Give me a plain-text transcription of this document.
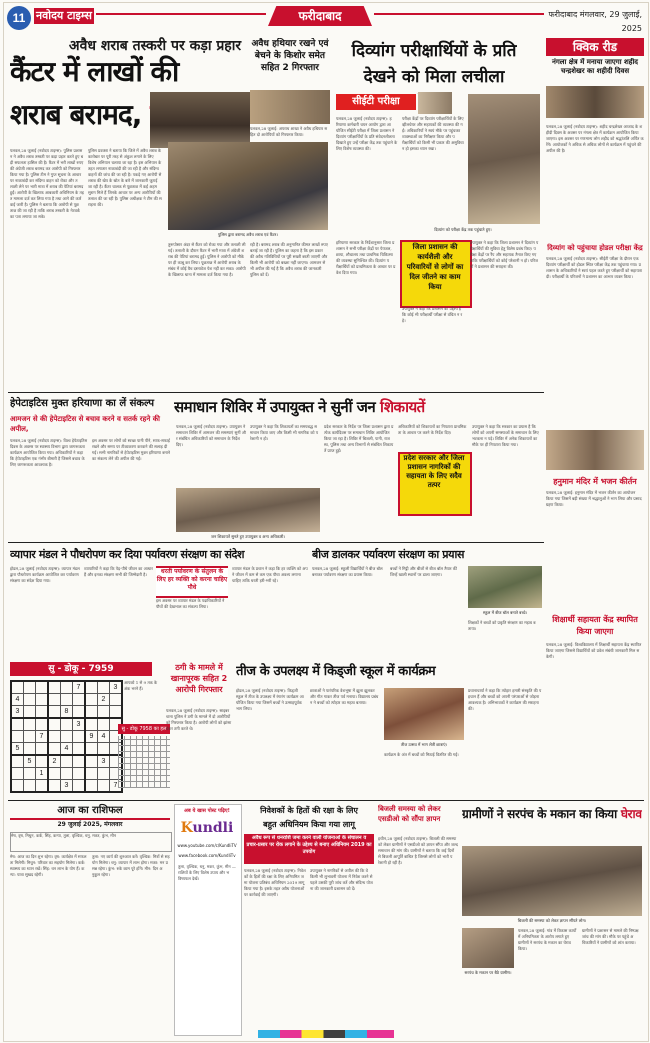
11 नवोदय टाइम्स	फरीदाबाद	फरीदाबाद मंगलवार, 29 जुलाई, 2025
अवैध शराब तस्करी पर कड़ा प्रहार
कैंटर में लाखों की
शराब बरामद,
पलवल,28 जुलाई (नवोदय टाइम्स): पुलिस प्रशासन ने अवैध शराब तस्करी पर कड़ा प्रहार करते हुए बड़ी सफलता हासिल की है। कैंटर में भरी लाखों रुपए की अंग्रेजी शराब बरामद कर आरोपी को गिरफ्तार किया गया है। पुलिस टीम ने गुप्त सूचना के आधार पर नाकाबंदी कर संदिग्ध वाहन को रोका और तलाशी लेने पर भारी मात्रा में शराब की पेटियां बरामद हुईं। आरोपी के खिलाफ आबकारी अधिनियम के तहत मामला दर्ज कर लिया गया है तथा आगे की कार्रवाई जारी है। पुलिस ने बताया कि आरोपी से पूछताछ की जा रही है ताकि शराब तस्करी के नेटवर्क का पता लगाया जा सके।
पुलिस प्रवक्ता ने बताया कि जिले में अवैध शराब के कारोबार पर पूरी तरह से अंकुश लगाने के लिए विशेष अभियान चलाया जा रहा है। इस अभियान के तहत लगातार नाकाबंदी की जा रही है और संदिग्ध वाहनों की जांच की जा रही है। पकड़े गए आरोपी से शराब की खेप के स्रोत के बारे में जानकारी जुटाई जा रही है। कैंटर चालक से पूछताछ में कई अहम सुराग मिले हैं जिनके आधार पर अन्य आरोपियों की तलाश की जा रही है। पुलिस अधीक्षक ने टीम की सराहना की।
पुलिस द्वारा बरामद अवैध शराब एवं कैंटर।
तुरूपोसार अंदर से कैंटर को रोका गया और तलाशी ली गई। तलाशी के दौरान कैंटर में भारी मात्रा में अंग्रेजी शराब की पेटियां बरामद हुईं। पुलिस ने आरोपी को मौके पर ही काबू कर लिया। पूछताछ में आरोपी शराब के संबंध में कोई वैध दस्तावेज पेश नहीं कर सका। आरोपी के खिलाफ थाना में मामला दर्ज किया गया है।
रही है। बरामद शराब की अनुमानित कीमत लाखों रुपए बताई जा रही है। पुलिस का कहना है कि इस प्रकार की अवैध गतिविधियों पर पूरी सख्ती बरती जाएगी और किसी भी आरोपी को बख्शा नहीं जाएगा। आमजन से भी अपील की गई है कि अवैध शराब की जानकारी पुलिस को दें।
अवैध हथियार रखने एवं बेचने के किशोर समेत सहित 2 गिरफ्तार
पलवल,28 जुलाई: अपराध शाखा ने अवैध हथियार सहित दो आरोपियों को गिरफ्तार किया।
दिव्यांग परीक्षार्थियों के प्रति देखने को मिला लचीला
सीईटी परीक्षा
पलवल,28 जुलाई (नवोदय टाइम्स): हरियाणा कर्मचारी चयन आयोग द्वारा आयोजित सीईटी परीक्षा में जिला प्रशासन ने दिव्यांग परीक्षार्थियों के प्रति संवेदनशीलता दिखाते हुए उन्हें परीक्षा केंद्र तक पहुंचाने के लिए विशेष व्यवस्था की।
परीक्षा केंद्रों पर दिव्यांग परीक्षार्थियों के लिए व्हीलचेयर और सहायकों की व्यवस्था की गई। अधिकारियों ने स्वयं मौके पर पहुंचकर व्यवस्थाओं का निरीक्षण किया और परीक्षार्थियों को किसी भी प्रकार की असुविधा न हो इसका ध्यान रखा।
दिव्यांग को परीक्षा केंद्र तक पहुंचाते हुए।
जिला प्रशासन की कार्यशैली और परिवारियों से लोगों का दिल जीतने का काम किया
हरियाणा सरकार के निर्देशानुसार जिला प्रशासन ने सभी परीक्षा केंद्रों पर पेयजल, छाया, शौचालय तथा प्राथमिक चिकित्सा की व्यवस्था सुनिश्चित की। दिव्यांग परीक्षार्थियों को प्राथमिकता के आधार पर प्रवेश दिया गया।
उपायुक्त ने कहा कि प्रशासन का उद्देश्य है कि कोई भी परीक्षार्थी परीक्षा से वंचित न रहे।
उपायुक्त ने कहा कि जिला प्रशासन ने दिव्यांग परीक्षार्थियों की सुविधा हेतु विशेष प्रबंध किए। परीक्षा केंद्रों पर रैंप और सहायक तैनात किए गए ताकि परीक्षार्थियों को कोई परेशानी न हो। परिजनों ने प्रशासन की सराहना की।
क्विक रीड
नंगला क्षेत्र में मनाया जाएगा शहीद चन्द्रशेखर का शहीदी दिवस
पलवल,28 जुलाई (नवोदय टाइम्स): शहीद चन्द्रशेखर आजाद के शहीदी दिवस के अवसर पर नंगला क्षेत्र में कार्यक्रम आयोजित किया जाएगा। इस अवसर पर गणमान्य लोग शहीद को श्रद्धांजलि अर्पित करेंगे। आयोजकों ने अधिक से अधिक लोगों से कार्यक्रम में पहुंचने की अपील की है।
दिव्यांग को पहुंचाया होडल परीक्षा केंद्र
पलवल,28 जुलाई (नवोदय टाइम्स): सीईटी परीक्षा के दौरान एक दिव्यांग परीक्षार्थी को होडल स्थित परीक्षा केंद्र तक पहुंचाया गया। प्रशासन के अधिकारियों ने स्वयं पहल करते हुए परीक्षार्थी को सहायता दी। परीक्षार्थी के परिजनों ने प्रशासन का आभार व्यक्त किया।
हनुमान मंदिर में भजन कीर्तन
पलवल,28 जुलाई: हनुमान मंदिर में भजन कीर्तन का आयोजन किया गया जिसमें बड़ी संख्या में श्रद्धालुओं ने भाग लिया और प्रसाद ग्रहण किया।
शिक्षार्थी सहायता केंद्र स्थापित किया जाएगा
पलवल,28 जुलाई: विश्वविद्यालय में शिक्षार्थी सहायता केंद्र स्थापित किया जाएगा जिससे विद्यार्थियों को प्रवेश संबंधी जानकारी मिल सकेगी।
हेपेटाइटिस मुक्त हरियाणा का लें संकल्प
आमजन से की हेपेटाइटिस से बचाव करने व सतर्क रहने की अपील,
पलवल,28 जुलाई (नवोदय टाइम्स): विश्व हेपेटाइटिस दिवस के अवसर पर स्वास्थ्य विभाग द्वारा जागरूकता कार्यक्रम आयोजित किया गया। अधिकारियों ने कहा कि हेपेटाइटिस एक गंभीर बीमारी है जिससे बचाव के लिए जागरूकता आवश्यक है।
इस अवसर पर लोगों को स्वच्छ पानी पीने, साफ-सफाई रखने और समय पर टीकाकरण करवाने की सलाह दी गई। सभी नागरिकों से हेपेटाइटिस मुक्त हरियाणा बनाने का संकल्प लेने की अपील की गई।
समाधान शिविर में उपायुक्त ने सुनीं जन शिकायतें
पलवल,28 जुलाई (नवोदय टाइम्स): उपायुक्त ने समाधान शिविर में आमजन की समस्याएं सुनीं और संबंधित अधिकारियों को समाधान के निर्देश दिए।
उपायुक्त ने कहा कि शिकायतों का समयबद्ध समाधान किया जाए और किसी भी नागरिक को परेशानी न हो।
जन शिकायतें सुनते हुए उपायुक्त व अन्य अधिकारी।
प्रदेश सरकार के निर्देश पर जिला प्रशासन द्वारा प्रत्येक कार्यदिवस पर समाधान शिविर आयोजित किया जा रहा है। शिविर में बिजली, पानी, राजस्व, पुलिस तथा अन्य विभागों से संबंधित शिकायतें प्राप्त हुईं।
अधिकारियों को शिकायतों का निपटारा प्राथमिकता के आधार पर करने के निर्देश दिए।
प्रदेश सरकार और जिला प्रशासन नागरिकों की सहायता के लिए सदैव तत्पर
उपायुक्त ने कहा कि सरकार का प्रयास है कि लोगों को अपनी समस्याओं के समाधान के लिए भटकना न पड़े। शिविर में अनेक शिकायतों का मौके पर ही निपटारा किया गया।
व्यापार मंडल ने पौधरोपण कर दिया पर्यावरण संरक्षण का संदेश
होडल,28 जुलाई (नवोदय टाइम्स): व्यापार मंडल द्वारा पौधरोपण कार्यक्रम आयोजित कर पर्यावरण संरक्षण का संदेश दिया गया।
व्यापारियों ने कहा कि पेड़-पौधे जीवन का आधार हैं और इनका संरक्षण सभी की जिम्मेदारी है।	धरती पर्यावरण के संतुलन के लिए हर व्यक्ति को करना चाहिए पौधे
इस अवसर पर व्यापार मंडल के पदाधिकारियों ने पौधों की देखभाल का संकल्प लिया।
व्यापार मंडल के प्रधान ने कहा कि हर व्यक्ति को अपने जीवन में कम से कम एक पौधा अवश्य लगाना चाहिए ताकि धरती हरी-भरी रहे।
बीज डालकर पर्यावरण संरक्षण का प्रयास
पलवल,28 जुलाई: स्कूली विद्यार्थियों ने बीज बॉल बनाकर पर्यावरण संरक्षण का प्रयास किया।
बच्चों ने मिट्टी और बीजों से बीज बॉल तैयार कीं जिन्हें खाली स्थानों पर डाला जाएगा।
स्कूल में बीज बॉल बनाते बच्चे।
शिक्षकों ने बच्चों को प्रकृति संरक्षण का महत्व बताया।
सु - डोकू - 7959
					7			3
4							2	
3				8				
					3			
		7				9	4	
5				4				
	5		2				3	
		1						
				3				7
आपको 1 से 9 तक के अंक भरने हैं।
सु - डोकू 7958 का हल
ठगी के मामले में खानापूरक सहित 2 आरोपी गिरफ्तार
पलवल,28 जुलाई (नवोदय टाइम्स): साइबर थाना पुलिस ने ठगी के मामले में दो आरोपियों को गिरफ्तार किया है। आरोपी लोगों को झांसा देकर ठगी करते थे।
तीज के उपलक्ष्य में किड्जी स्कूल में कार्यक्रम
होडल,28 जुलाई (नवोदय टाइम्स): किड्जी स्कूल में तीज के उपलक्ष्य में रंगारंग कार्यक्रम आयोजित किया गया जिसमें बच्चों ने उत्साहपूर्वक भाग लिया।
छात्राओं ने पारंपरिक वेशभूषा में झूला झूलकर और गीत गाकर तीज पर्व मनाया। विद्यालय प्रबंधन ने बच्चों को त्योहार का महत्व बताया।
तीज उत्सव में भाग लेती छात्राएं।
कार्यक्रम के अंत में बच्चों को मिठाई वितरित की गई।
प्रधानाचार्या ने कहा कि त्योहार हमारी संस्कृति की पहचान हैं और बच्चों को अपनी परंपराओं से जोड़ना आवश्यक है। अभिभावकों ने कार्यक्रम की सराहना की।
आज का राशिफल
29 जुलाई 2025, मंगलवार
मेष, वृष, मिथुन, कर्क, सिंह, कन्या, तुला, वृश्चिक, धनु, मकर, कुंभ, मीन
मेष: आज का दिन शुभ रहेगा। वृष: कार्यक्षेत्र में सफलता मिलेगी। मिथुन: परिवार का सहयोग मिलेगा। कर्क: स्वास्थ्य का ध्यान रखें। सिंह: धन लाभ के योग हैं। कन्या: यात्रा सुखद रहेगी।
तुला: नए कार्य की शुरुआत करें। वृश्चिक: मित्रों से सहयोग मिलेगा। धनु: व्यापार में लाभ होगा। मकर: मन प्रसन्न रहेगा। कुंभ: रुके काम पूरे होंगे। मीन: दिन अनुकूल रहेगा।
अब ये खास पोस्ट पढ़िए!
Kundli
www.youtube.com/c/KundliTV
www.facebook.com/KundliTv
तुला, वृश्चिक, धनु, मकर, कुंभ, मीन — राशियों के लिए विशेष उपाय और भविष्यफल देखें।
निवेशकों के हितों की रक्षा के लिए
बहुत अधिनियम किया गया लागू
अवैध रूप से धनराशि जमा करने वाली योजनाओं के संचालन व प्रचार-प्रसार पर रोक लगाने के उद्देश्य से बनाए अधिनियम 2019 का उपयोग
पलवल,28 जुलाई (नवोदय टाइम्स): निवेशकों के हितों की रक्षा के लिए अनियमित जमा योजना प्रतिबंध अधिनियम 2019 लागू किया गया है। इसके तहत अवैध योजनाओं पर कार्रवाई की जाएगी।
उपायुक्त ने नागरिकों से अपील की कि वे किसी भी लुभावनी योजना में निवेश करने से पहले उसकी पूरी जांच करें और संदिग्ध योजना की जानकारी प्रशासन को दें।
बिजली समस्या को लेकर एसडीओ को सौंपा ज्ञापन
हथीन,28 जुलाई (नवोदय टाइम्स): बिजली की समस्या को लेकर ग्रामीणों ने एसडीओ को ज्ञापन सौंपा और जल्द समाधान की मांग की। ग्रामीणों ने बताया कि कई दिनों से बिजली आपूर्ति बाधित है जिससे लोगों को भारी परेशानी हो रही है।
ग्रामीणों ने सरपंच के मकान का किया घेराव
बिजली की समस्या को लेकर ज्ञापन सौंपते लोग।
सरपंच के मकान पर बैठे ग्रामीण।
पलवल,28 जुलाई: गांव में विकास कार्यों में अनियमितता के आरोप लगाते हुए ग्रामीणों ने सरपंच के मकान का घेराव किया।
ग्रामीणों ने प्रशासन से मामले की निष्पक्ष जांच की मांग की। मौके पर पहुंचे अधिकारियों ने ग्रामीणों को शांत कराया।
